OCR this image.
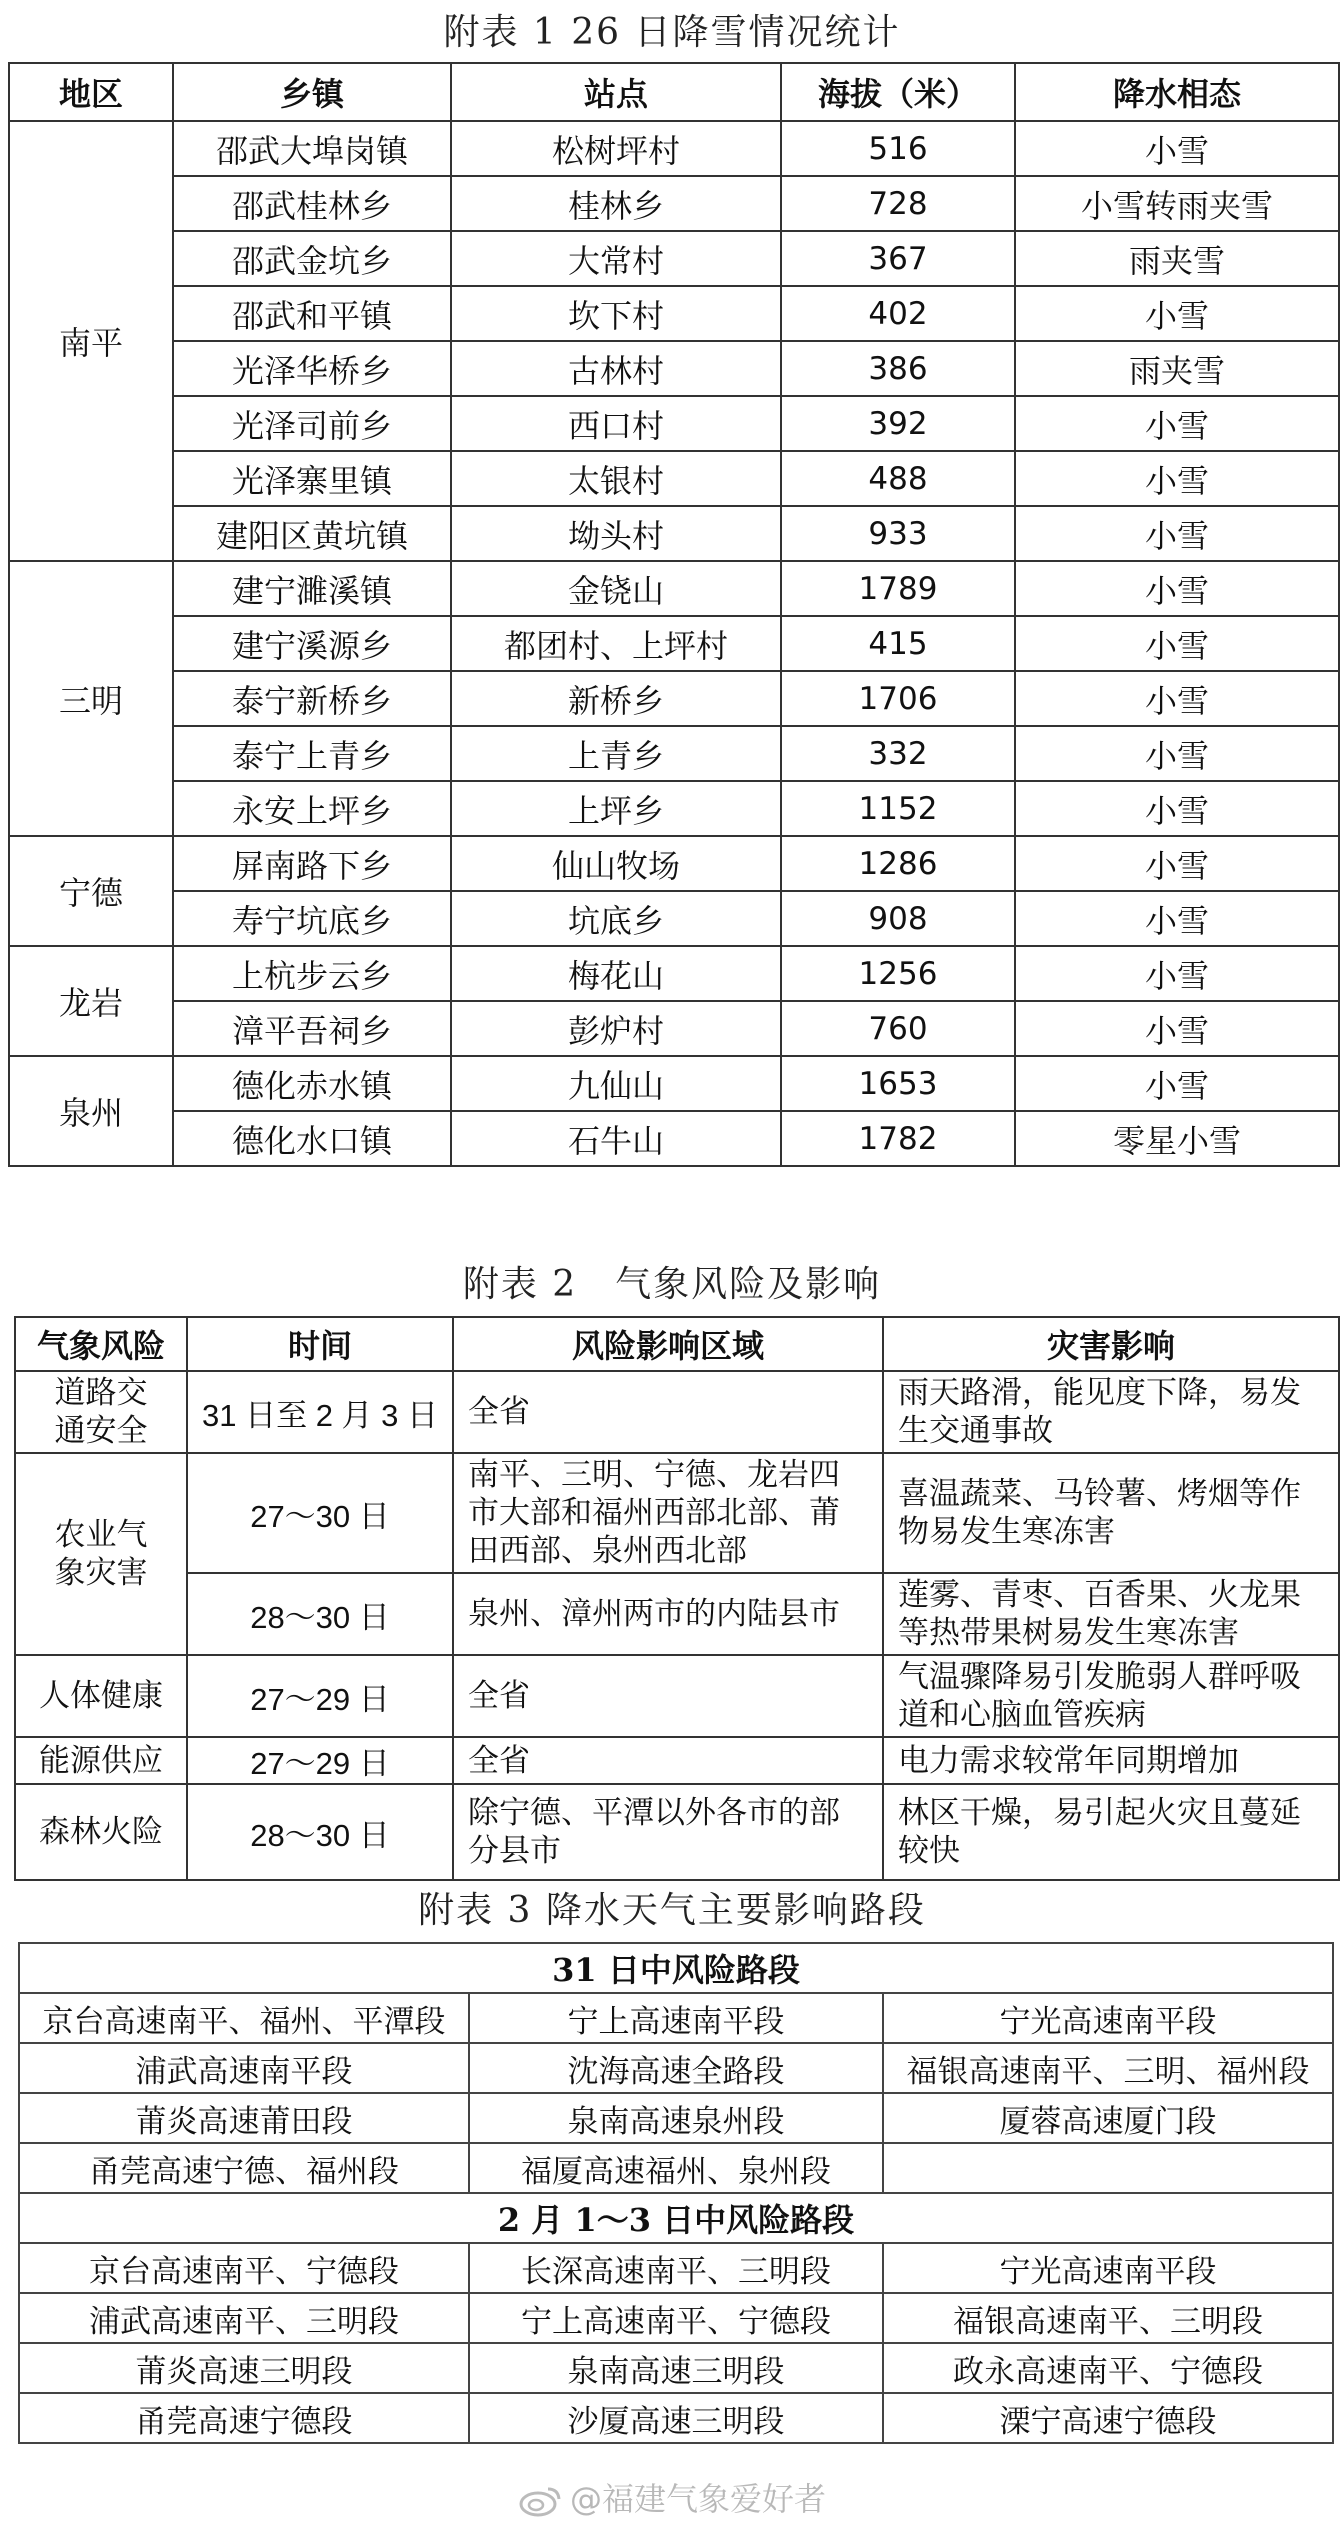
附表 1 26 日降雪情况统计
地区	乡镇	站点	海拔（米）	降水相态
南平	邵武大埠岗镇	松树坪村	516	小雪
	邵武桂林乡	桂林乡	728	小雪转雨夹雪
	邵武金坑乡	大常村	367	雨夹雪
	邵武和平镇	坎下村	402	小雪
	光泽华桥乡	古林村	386	雨夹雪
	光泽司前乡	西口村	392	小雪
	光泽寨里镇	太银村	488	小雪
	建阳区黄坑镇	坳头村	933	小雪
三明	建宁濉溪镇	金铙山	1789	小雪
	建宁溪源乡	都团村、上坪村	415	小雪
	泰宁新桥乡	新桥乡	1706	小雪
	泰宁上青乡	上青乡	332	小雪
	永安上坪乡	上坪乡	1152	小雪
宁德	屏南路下乡	仙山牧场	1286	小雪
	寿宁坑底乡	坑底乡	908	小雪
龙岩	上杭步云乡	梅花山	1256	小雪
	漳平吾祠乡	彭炉村	760	小雪
泉州	德化赤水镇	九仙山	1653	小雪
	德化水口镇	石牛山	1782	零星小雪
附表 2　气象风险及影响
气象风险	时间	风险影响区域	灾害影响

道路交通安全	31 日至 2 月 3 日	全省	雨天路滑，能见度下降，易发生交通事故

农业气象灾害	27～30 日	南平、三明、宁德、龙岩四市大部和福州西部北部、莆田西部、泉州西北部	喜温蔬菜、马铃薯、烤烟等作物易发生寒冻害
	28～30 日	泉州、漳州两市的内陆县市	莲雾、青枣、百香果、火龙果等热带果树易发生寒冻害
人体健康	27～29 日	全省	气温骤降易引发脆弱人群呼吸道和心脑血管疾病
能源供应	27～29 日	全省	电力需求较常年同期增加
森林火险	28～30 日	除宁德、平潭以外各市的部分县市	林区干燥，易引起火灾且蔓延较快
附表 3 降水天气主要影响路段
31 日中风险路段		
京台高速南平、福州、平潭段	宁上高速南平段	宁光高速南平段
浦武高速南平段	沈海高速全路段	福银高速南平、三明、福州段
莆炎高速莆田段	泉南高速泉州段	厦蓉高速厦门段
甬莞高速宁德、福州段	福厦高速福州、泉州段	
2 月 1～3 日中风险路段		
京台高速南平、宁德段	长深高速南平、三明段	宁光高速南平段
浦武高速南平、三明段	宁上高速南平、宁德段	福银高速南平、三明段
莆炎高速三明段	泉南高速三明段	政永高速南平、宁德段
甬莞高速宁德段	沙厦高速三明段	溧宁高速宁德段
@福建气象爱好者
